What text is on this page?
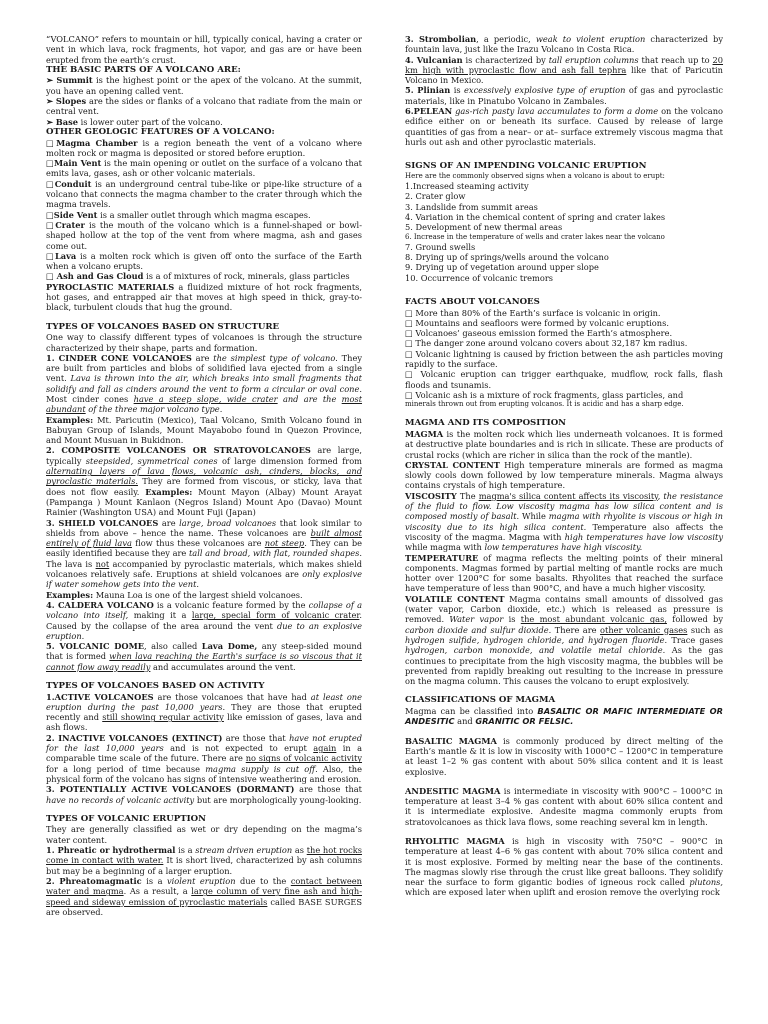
“VOLCANO” refers to mountain or hill, typically conical, having a crater or vent in which lava, rock fragments, hot vapor, and gas are or have been erupted from the earth’s crust.

THE BASIC PARTS OF A VOLCANO ARE:

➢ Summit is the highest point or the apex of the volcano. At the summit, you have an opening called vent.

➢ Slopes are the sides or flanks of a volcano that radiate from the main or central vent.

➢ Base is lower outer part of the volcano.

OTHER GEOLOGIC FEATURES OF A VOLCANO:

□Magma Chamber is a region beneath the vent of a volcano where molten rock or magma is deposited or stored before eruption.

□Main Vent is the main opening or outlet on the surface of a volcano that emits lava, gases, ash or other volcanic materials.

□Conduit is an underground central tube-like or pipe-like structure of a volcano that connects the magma chamber to the crater through which the magma travels.

□Side Vent is a smaller outlet through which magma escapes.

□Crater is the mouth of the volcano which is a funnel-shaped or bowl-shaped hollow at the top of the vent from where magma, ash and gases come out.

□Lava is a molten rock which is given off onto the surface of the Earth when a volcano erupts.

□ Ash and Gas Cloud is a of mixtures of rock, minerals, glass particles

PYROCLASTIC MATERIALS a fluidized mixture of hot rock fragments, hot gases, and entrapped air that moves at high speed in thick, gray-to-black, turbulent clouds that hug the ground.

TYPES OF VOLCANOES BASED ON STRUCTURE

One way to classify different types of volcanoes is through the structure characterized by their shape, parts and formation.

1. CINDER CONE VOLCANOES are the simplest type of volcano. They are built from particles and blobs of solidified lava ejected from a single vent. Lava is thrown into the air, which breaks into small fragments that solidify and fall as cinders around the vent to form a circular or oval cone. Most cinder cones have a steep slope, wide crater and are the most abundant of the three major volcano type.

Examples: Mt. Paricutin (Mexico), Taal Volcano, Smith Volcano found in Babuyan Group of Islands, Mount Mayabobo found in Quezon Province, and Mount Musuan in Bukidnon.

2. COMPOSITE VOLCANOES OR STRATOVOLCANOES are large, typically steepsided, symmetrical cones of large dimension formed from alternating layers of lava flows, volcanic ash, cinders, blocks, and pyroclastic materials. They are formed from viscous, or sticky, lava that does not flow easily. Examples: Mount Mayon (Albay) Mount Arayat (Pampanga ) Mount Kanlaon (Negros Island) Mount Apo (Davao) Mount Rainier (Washington USA) and Mount Fuji (Japan)

3. SHIELD VOLCANOES are large, broad volcanoes that look similar to shields from above – hence the name. These volcanoes are built almost entirely of fluid lava flow thus these volcanoes are not steep. They can be easily identified because they are tall and broad, with flat, rounded shapes. The lava is not accompanied by pyroclastic materials, which makes shield volcanoes relatively safe. Eruptions at shield volcanoes are only explosive if water somehow gets into the vent.

Examples: Mauna Loa is one of the largest shield volcanoes.

4. CALDERA VOLCANO is a volcanic feature formed by the collapse of a volcano into itself, making it a large, special form of volcanic crater. Caused by the collapse of the area around the vent due to an explosive eruption.

5. VOLCANIC DOME, also called Lava Dome, any steep-sided mound that is formed when lava reaching the Earth's surface is so viscous that it cannot flow away readily and accumulates around the vent.

TYPES OF VOLCANOES BASED ON ACTIVITY

1.ACTIVE VOLCANOES are those volcanoes that have had at least one eruption during the past 10,000 years. They are those that erupted recently and still showing regular activity like emission of gases, lava and ash flows.

2. INACTIVE VOLCANOES (EXTINCT) are those that have not erupted for the last 10,000 years and is not expected to erupt again in a comparable time scale of the future. There are no signs of volcanic activity for a long period of time because magma supply is cut off. Also, the physical form of the volcano has signs of intensive weathering and erosion.

3. POTENTIALLY ACTIVE VOLCANOES (DORMANT) are those that have no records of volcanic activity but are morphologically young-looking.

TYPES OF VOLCANIC ERUPTION

They are generally classified as wet or dry depending on the magma’s water content.

1. Phreatic or hydrothermal is a stream driven eruption as the hot rocks come in contact with water. It is short lived, characterized by ash columns but may be a beginning of a larger eruption.

2. Phreatomagmatic is a violent eruption due to the contact between water and magma. As a result, a large column of very fine ash and high-speed and sideway emission of pyroclastic materials called BASE SURGES are observed.

3. Strombolian, a periodic, weak to violent eruption characterized by fountain lava, just like the Irazu Volcano in Costa Rica.

4. Vulcanian is characterized by tall eruption columns that reach up to 20 km high with pyroclastic flow and ash fall tephra like that of Paricutin Volcano in Mexico.

5. Plinian is excessively explosive type of eruption of gas and pyroclastic materials, like in Pinatubo Volcano in Zambales.

6.PELEAN gas-rich pasty lava accumulates to form a dome on the volcano edifice either on or beneath its surface. Caused by release of large quantities of gas from a near– or at– surface extremely viscous magma that hurls out ash and other pyroclastic materials.

SIGNS OF AN IMPENDING VOLCANIC ERUPTION

Here are the commonly observed signs when a volcano is about to erupt:

1.Increased steaming activity
2. Crater glow
3. Landslide from summit areas
4. Variation in the chemical content of spring and crater lakes
5. Development of new thermal areas
6. Increase in the temperature of wells and crater lakes near the volcano
7. Ground swells
8. Drying up of springs/wells around the volcano
9. Drying up of vegetation around upper slope
10. Occurrence of volcanic tremors
FACTS ABOUT VOLCANOES

□ More than 80% of the Earth’s surface is volcanic in origin.

□ Mountains and seafloors were formed by volcanic eruptions.

□ Volcanoes’ gaseous emission formed the Earth’s atmosphere.

□ The danger zone around volcano covers about 32,187 km radius.

□ Volcanic lightning is caused by friction between the ash particles moving rapidly to the surface.

□ Volcanic eruption can trigger earthquake, mudflow, rock falls, flash floods and tsunamis.

□ Volcanic ash is a mixture of rock fragments, glass particles, and

minerals thrown out from erupting volcanos. It is acidic and has a sharp edge.

MAGMA AND ITS COMPOSITION

MAGMA is the molten rock which lies underneath volcanoes. It is formed at destructive plate boundaries and is rich in silicate. These are products of crustal rocks (which are richer in silica than the rock of the mantle).

CRYSTAL CONTENT High temperature minerals are formed as magma slowly cools down followed by low temperature minerals. Magma always contains crystals of high temperature.

VISCOSITY The magma's silica content affects its viscosity, the resistance of the fluid to flow. Low viscosity magma has low silica content and is composed mostly of basalt. While magma with rhyolite is viscous or high in viscosity due to its high silica content. Temperature also affects the viscosity of the magma. Magma with high temperatures have low viscosity while magma with low temperatures have high viscosity.

TEMPERATURE of magma reflects the melting points of their mineral components. Magmas formed by partial melting of mantle rocks are much hotter over 1200°C for some basalts. Rhyolites that reached the surface have temperature of less than 900°C, and have a much higher viscosity.

VOLATILE CONTENT Magma contains small amounts of dissolved gas (water vapor, Carbon dioxide, etc.) which is released as pressure is removed. Water vapor is the most abundant volcanic gas, followed by carbon dioxide and sulfur dioxide. There are other volcanic gases such as hydrogen sulfide, hydrogen chloride, and hydrogen fluoride. Trace gases hydrogen, carbon monoxide, and volatile metal chloride. As the gas continues to precipitate from the high viscosity magma, the bubbles will be prevented from rapidly breaking out resulting to the increase in pressure on the magma column. This causes the volcano to erupt explosively.

CLASSIFICATIONS OF MAGMA

Magma can be classified into BASALTIC OR MAFIC INTERMEDIATE OR ANDESITIC and GRANITIC OR FELSIC.

BASALTIC MAGMA is commonly produced by direct melting of the Earth’s mantle & it is low in viscosity with 1000°C – 1200°C in temperature at least 1–2 % gas content with about 50% silica content and it is least explosive.

ANDESITIC MAGMA is intermediate in viscosity with 900°C – 1000°C in temperature at least 3–4 % gas content with about 60% silica content and it is intermediate explosive. Andesite magma commonly erupts from stratovolcanoes as thick lava flows, some reaching several km in length.

RHYOLITIC MAGMA is high in viscosity with 750°C – 900°C in temperature at least 4–6 % gas content with about 70% silica content and it is most explosive. Formed by melting near the base of the continents. The magmas slowly rise through the crust like great balloons. They solidify near the surface to form gigantic bodies of igneous rock called plutons, which are exposed later when uplift and erosion remove the overlying rock
